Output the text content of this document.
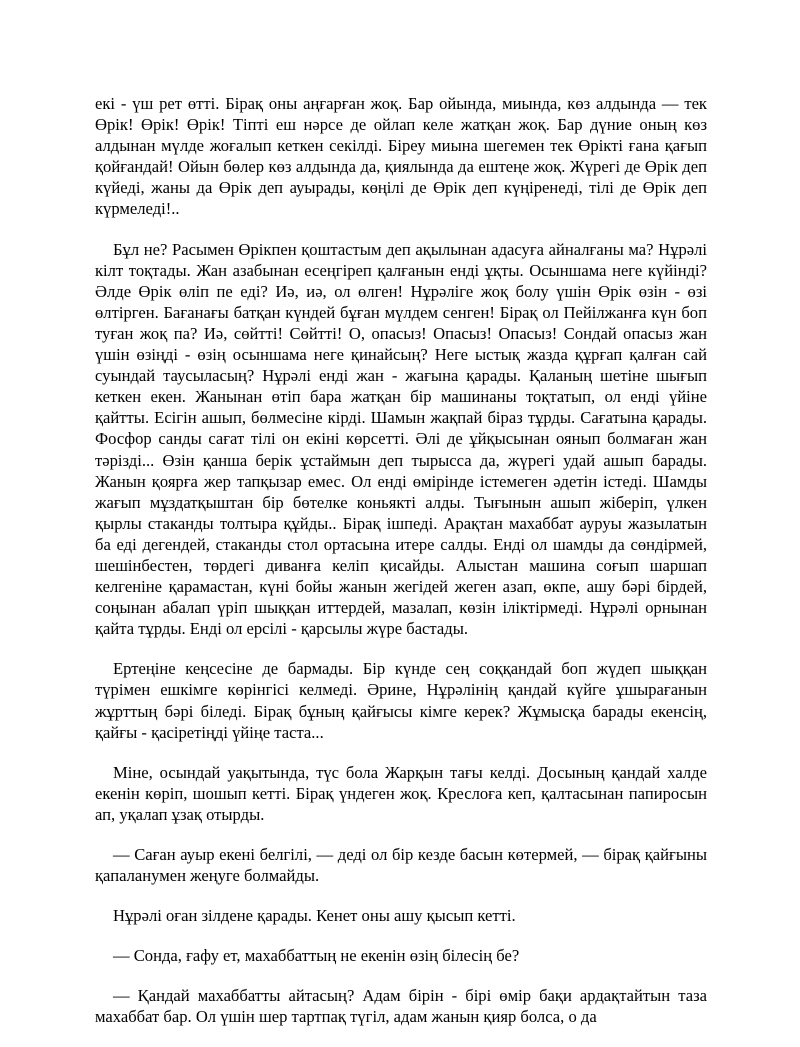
екі - үш рет өтті. Бірақ оны аңғарған жоқ. Бар ойында, миында, көз алдында — тек Өрік! Өрік! Өрік! Тіпті еш нәрсе де ойлап келе жатқан жоқ. Бар дүние оның көз алдынан мүлде жоғалып кеткен секілді. Біреу миына шегемен тек Өрікті ғана қағып қойғандай! Ойын бөлер көз алдында да, қиялында да ештеңе жоқ. Жүрегі де Өрік деп күйеді, жаны да Өрік деп ауырады, көңілі де Өрік деп күңіренеді, тілі де Өрік деп күрмеледі!..

Бұл не? Расымен Өрікпен қоштастым деп ақылынан адасуға айналғаны ма? Нұрәлі кілт тоқтады. Жан азабынан есеңгіреп қалғанын енді ұқты. Осыншама неге күйінді? Әлде Өрік өліп пе еді? Иә, иә, ол өлген! Нұрәліге жоқ болу үшін Өрік өзін - өзі өлтірген. Бағанағы батқан күндей бұған мүлдем сенген! Бірақ ол Пейілжанға күн боп туған жоқ па? Иә, сөйтті! Сөйтті! О, опасыз! Опасыз! Опасыз! Сондай опасыз жан үшін өзіңді - өзің осыншама неге қинайсың? Неге ыстық жазда құрғап қалған сай суындай таусыласың? Нұрәлі енді жан - жағына қарады. Қаланың шетіне шығып кеткен екен. Жанынан өтіп бара жатқан бір машинаны тоқтатып, ол енді үйіне қайтты. Есігін ашып, бөлмесіне кірді. Шамын жақпай біраз тұрды. Сағатына қарады. Фосфор санды сағат тілі он екіні көрсетті. Әлі де ұйқысынан оянып болмаған жан тәрізді... Өзін қанша берік ұстаймын деп тырысса да, жүрегі удай ашып барады. Жанын қоярға жер тапқызар емес. Ол енді өмірінде істемеген әдетін істеді. Шамды жағып мұздатқыштан бір бөтелке коньякті алды. Тығынын ашып жіберіп, үлкен қырлы стаканды толтыра құйды.. Бірақ ішпеді. Арақтан махаббат ауруы жазылатын ба еді дегендей, стаканды стол ортасына итере салды. Енді ол шамды да сөндірмей, шешінбестен, төрдегі диванға келіп қисайды. Алыстан машина соғып шаршап келгеніне қарамастан, күні бойы жанын жегідей жеген азап, өкпе, ашу бәрі бірдей, соңынан абалап үріп шыққан иттердей, мазалап, көзін іліктірмеді. Нұрәлі орнынан қайта тұрды. Енді ол ерсілі - қарсылы жүре бастады.

Ертеңіне кеңсесіне де бармады. Бір күнде сең соққандай боп жүдеп шыққан түрімен ешкімге көрінгісі келмеді. Әрине, Нұрәлінің қандай күйге ұшырағанын жұрттың бәрі біледі. Бірақ бұның қайғысы кімге керек? Жұмысқа барады екенсің, қайғы - қасіретіңді үйіңе таста...

Міне, осындай уақытында, түс бола Жарқын тағы келді. Досының қандай халде екенін көріп, шошып кетті. Бірақ үндеген жоқ. Креслоға кеп, қалтасынан папиросын ап, уқалап ұзақ отырды.

— Саған ауыр екені белгілі, — деді ол бір кезде басын көтермей, — бірақ қайғыны қапаланумен жеңуге болмайды.

Нұрәлі оған зілдене қарады. Кенет оны ашу қысып кетті.

— Сонда, ғафу ет, махаббаттың не екенін өзің білесің бе?

— Қандай махаббатты айтасың? Адам бірін - бірі өмір бақи ардақтайтын таза махаббат бар. Ол үшін шер тартпақ түгіл, адам жанын қияр болса, о да
